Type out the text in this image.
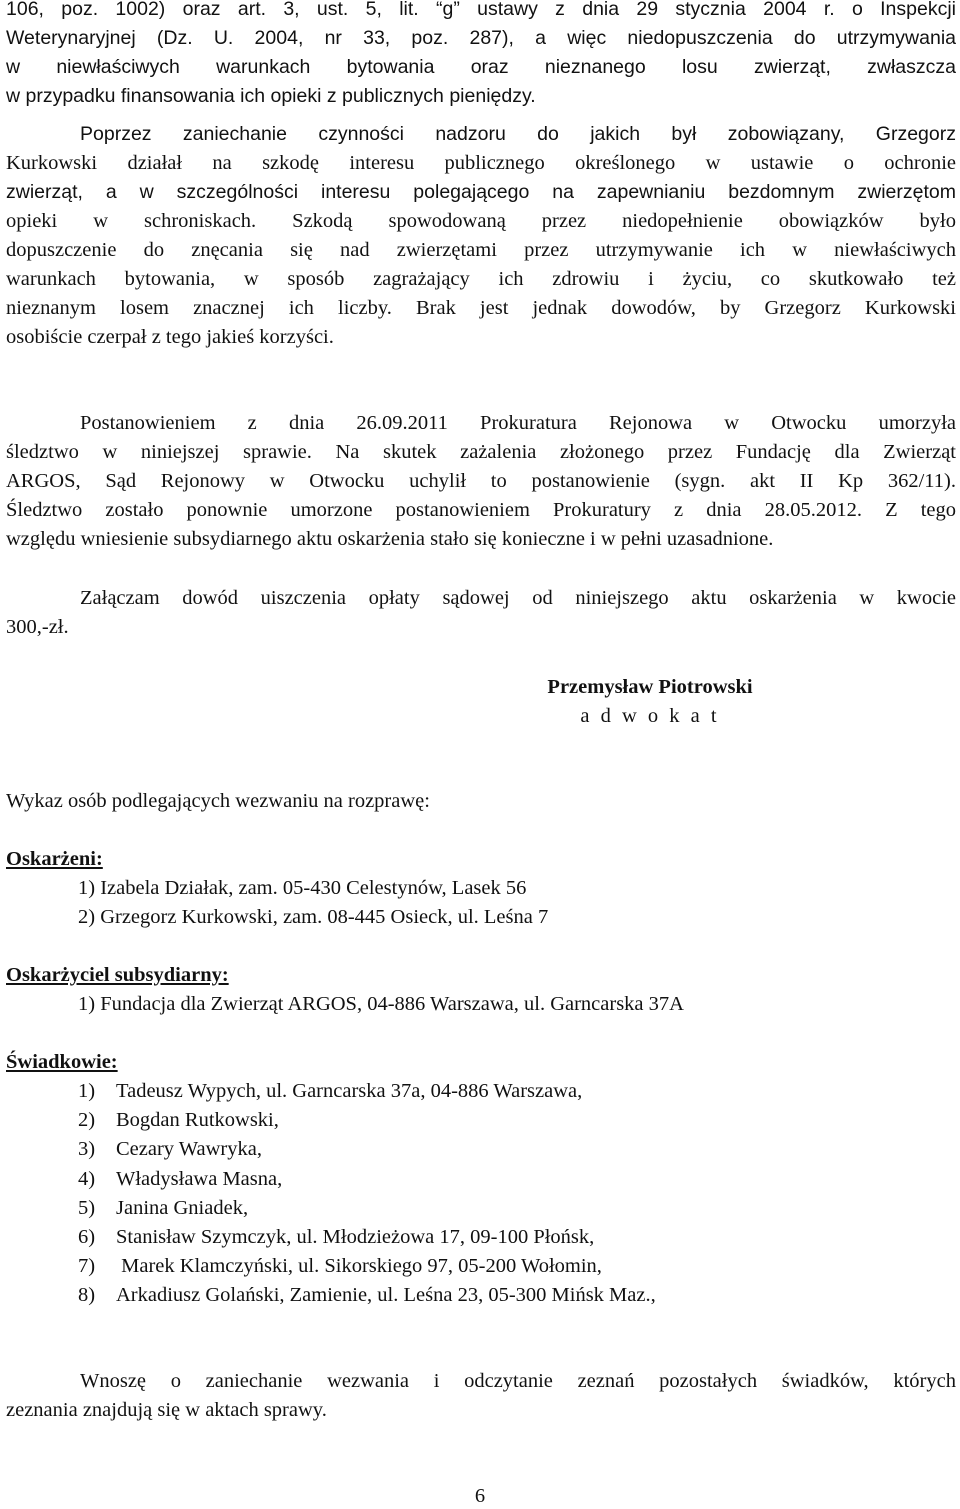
106, poz. 1002) oraz art. 3, ust. 5, lit. “g” ustawy z dnia 29 stycznia 2004 r. o Inspekcji
Weterynaryjnej (Dz. U. 2004, nr 33, poz. 287), a więc niedopuszczenia do utrzymywania
w niewłaściwych warunkach bytowania oraz nieznanego losu zwierząt, zwłaszcza
w przypadku finansowania ich opieki z publicznych pieniędzy.
Poprzez zaniechanie czynności nadzoru do jakich był zobowiązany, Grzegorz
Kurkowski działał na szkodę interesu publicznego określonego w ustawie o ochronie
zwierząt, a w szczególności interesu polegającego na zapewnianiu bezdomnym zwierzętom
opieki w schroniskach. Szkodą spowodowaną przez niedopełnienie obowiązków było
dopuszczenie do znęcania się nad zwierzętami przez utrzymywanie ich w niewłaściwych
warunkach bytowania, w sposób zagrażający ich zdrowiu i życiu, co skutkowało też
nieznanym losem znacznej ich liczby. Brak jest jednak dowodów, by Grzegorz Kurkowski
osobiście czerpał z tego jakieś korzyści.
Postanowieniem z dnia 26.09.2011 Prokuratura Rejonowa w Otwocku umorzyła
śledztwo w niniejszej sprawie. Na skutek zażalenia złożonego przez Fundację dla Zwierząt
ARGOS, Sąd Rejonowy w Otwocku uchylił to postanowienie (sygn. akt II Kp 362/11).
Śledztwo zostało ponownie umorzone postanowieniem Prokuratury z dnia 28.05.2012. Z tego
względu wniesienie subsydiarnego aktu oskarżenia stało się konieczne i w pełni uzasadnione.
Załączam dowód uiszczenia opłaty sądowej od niniejszego aktu oskarżenia w kwocie
300,-zł.
Przemysław Piotrowski
a d w o k a t
Wykaz osób podlegających wezwaniu na rozprawę:
Oskarżeni:
1) Izabela Działak, zam. 05-430 Celestynów, Lasek 56
2) Grzegorz Kurkowski, zam. 08-445 Osieck, ul. Leśna 7
Oskarżyciel subsydiarny:
1) Fundacja dla Zwierząt ARGOS, 04-886 Warszawa, ul. Garncarska 37A
Świadkowie:
1)	Tadeusz Wypych, ul. Garncarska 37a, 04-886 Warszawa,
2)	Bogdan Rutkowski,
3)	Cezary Wawryka,
4)	Władysława Masna,
5)	Janina Gniadek,
6)	Stanisław Szymczyk, ul. Młodzieżowa 17, 09-100 Płońsk,
7)	Marek Klamczyński, ul. Sikorskiego 97, 05-200 Wołomin,
8)	Arkadiusz Golański, Zamienie, ul. Leśna 23, 05-300 Mińsk Maz.,
Wnoszę o zaniechanie wezwania i odczytanie zeznań pozostałych świadków, których
zeznania znajdują się w aktach sprawy.
6
